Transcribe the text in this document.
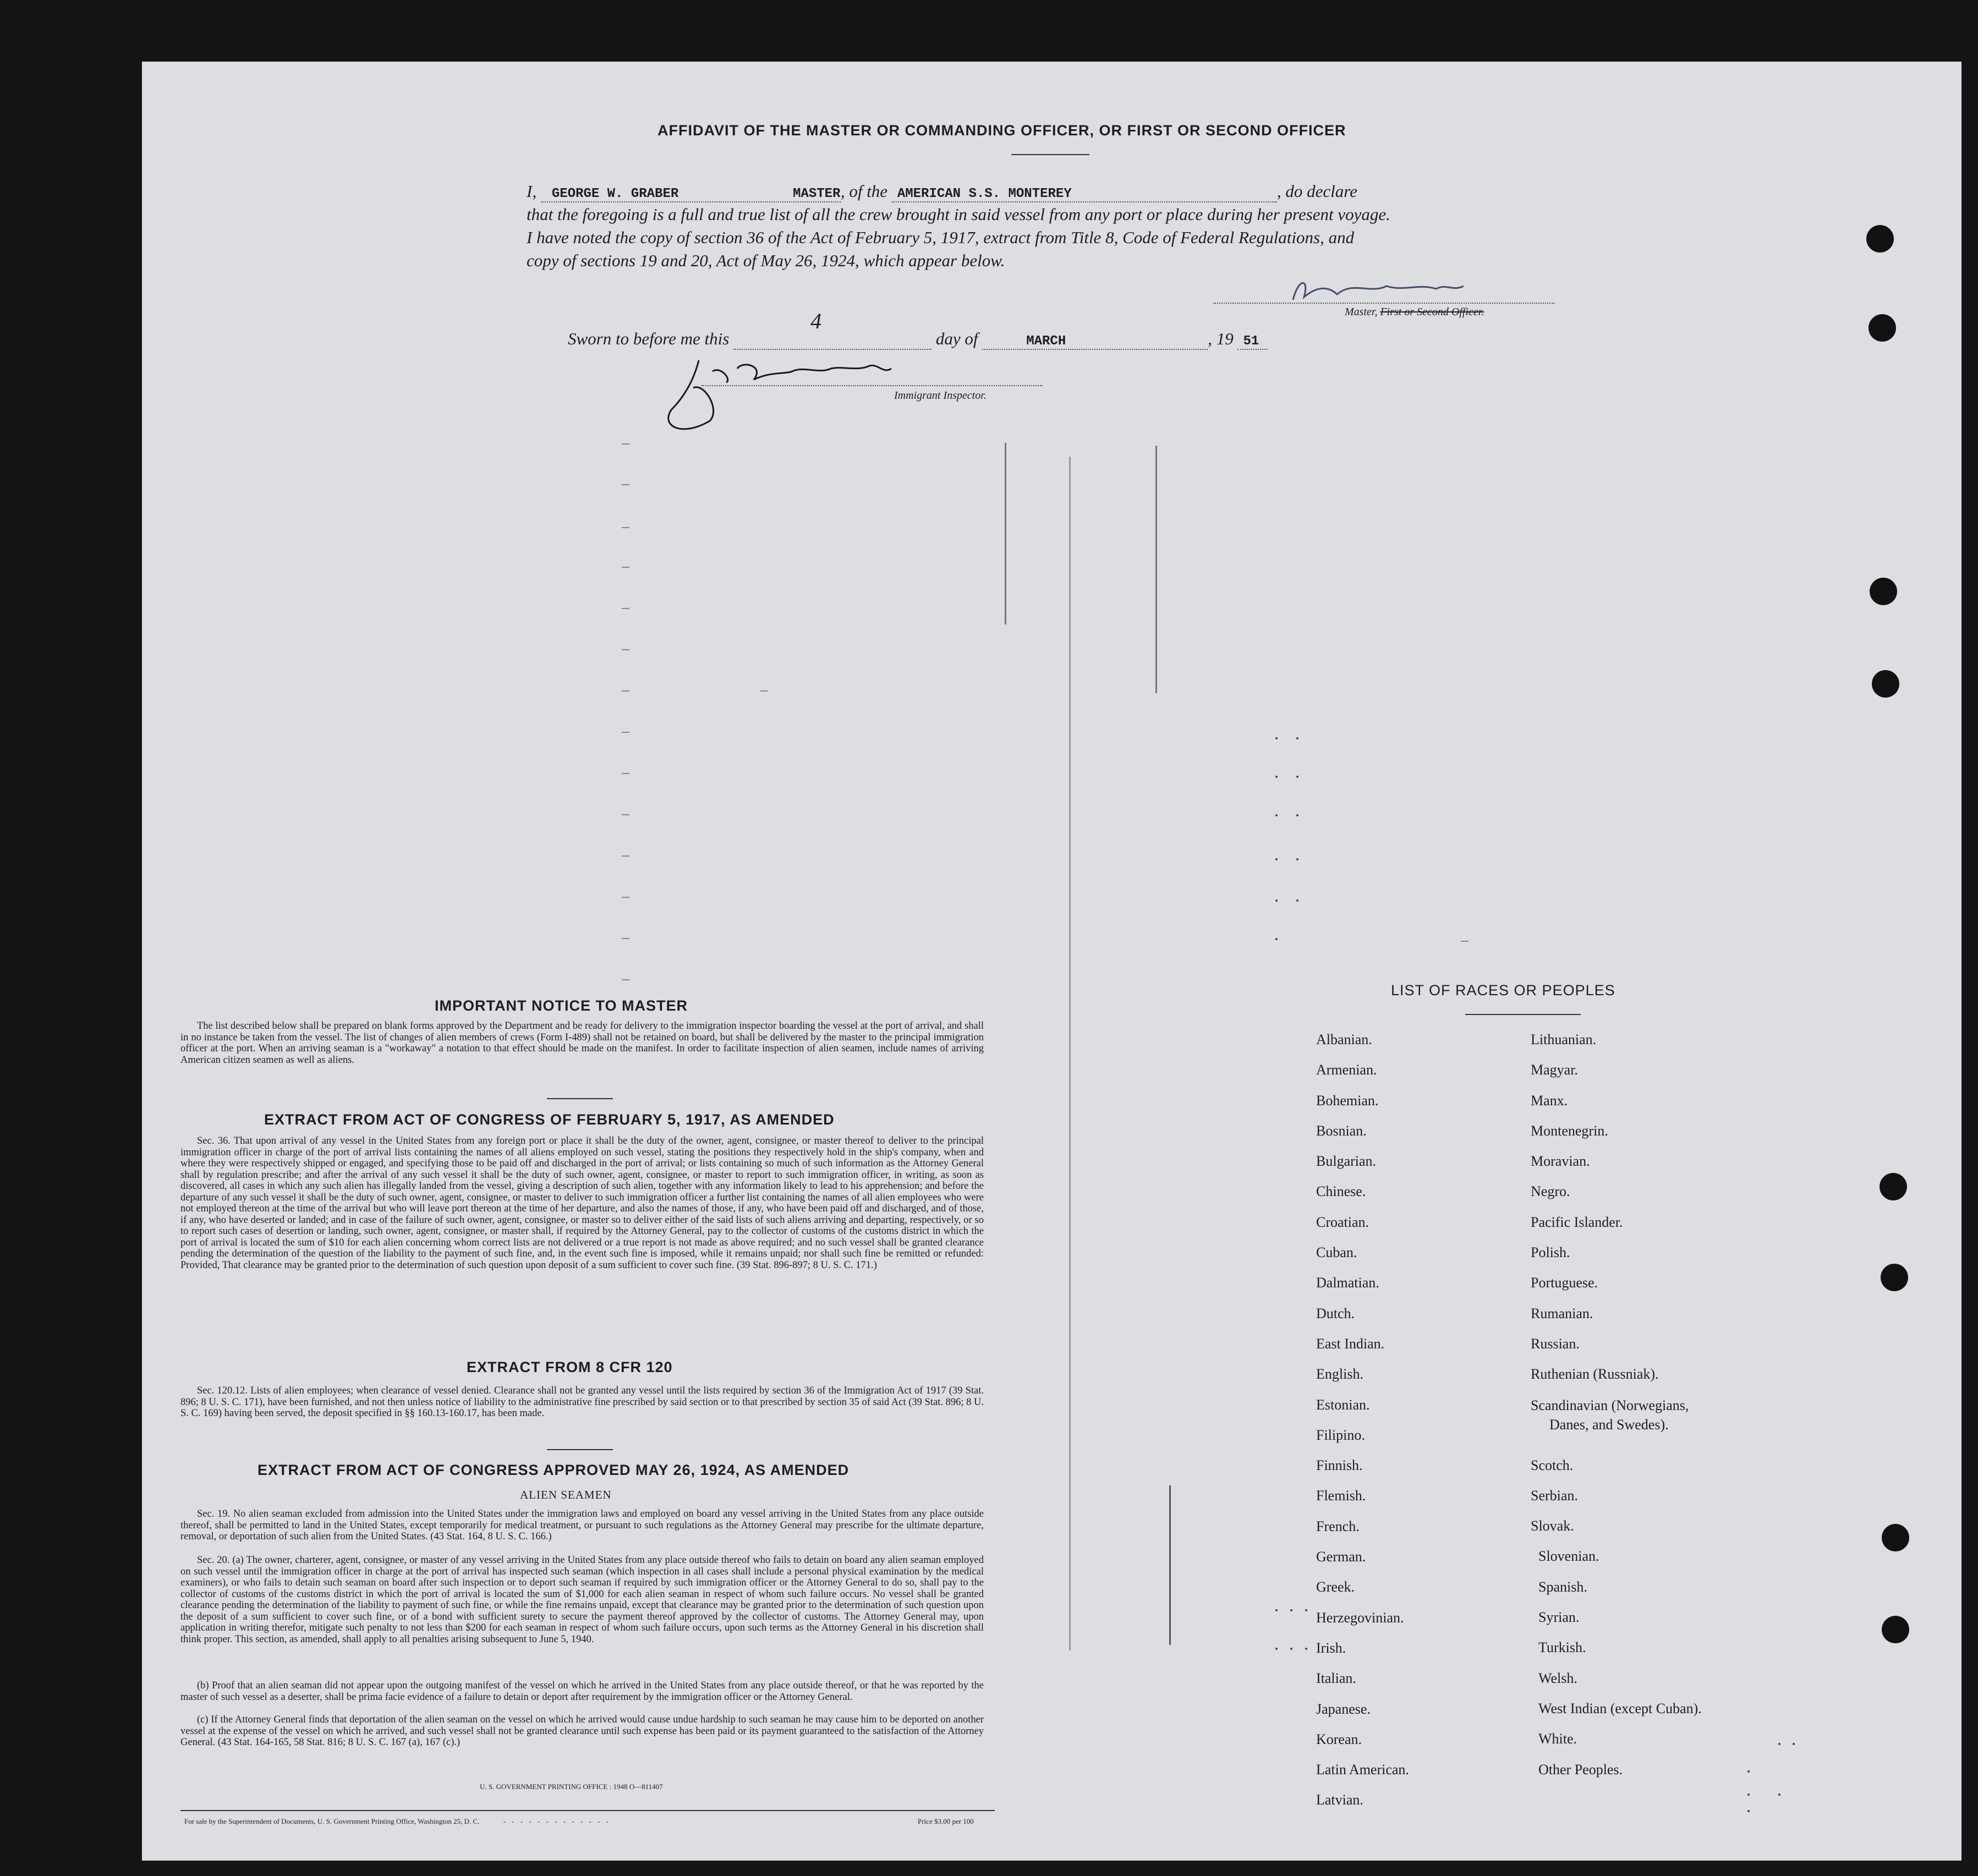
AFFIDAVIT OF THE MASTER OR COMMANDING OFFICER, OR FIRST OR SECOND OFFICER
I, GEORGE W. GRABER	MASTER, of the AMERICAN S.S. MONTEREY	, do declare
that the foregoing is a full and true list of all the crew brought in said vessel from any port or place during her present voyage.
I have noted the copy of section 36 of the Act of February 5, 1917, extract from Title 8, Code of Federal Regulations, and
copy of sections 19 and 20, Act of May 26, 1924, which appear below.
Master, First or Second Officer.
Sworn to before me this
4
day of	MARCH	, 19 51
Immigrant Inspector.
IMPORTANT NOTICE TO MASTER
The list described below shall be prepared on blank forms approved by the Department and be ready for delivery to the immigration inspector boarding the vessel at the port of arrival, and shall in no instance be taken from the vessel. The list of changes of alien members of crews (Form I-489) shall not be retained on board, but shall be delivered by the master to the principal immigration officer at the port. When an arriving seaman is a "workaway" a notation to that effect should be made on the manifest. In order to facilitate inspection of alien seamen, include names of arriving American citizen seamen as well as aliens.
EXTRACT FROM ACT OF CONGRESS OF FEBRUARY 5, 1917, AS AMENDED
Sec. 36. That upon arrival of any vessel in the United States from any foreign port or place it shall be the duty of the owner, agent, consignee, or master thereof to deliver to the principal immigration officer in charge of the port of arrival lists containing the names of all aliens employed on such vessel, stating the positions they respectively hold in the ship's company, when and where they were respectively shipped or engaged, and specifying those to be paid off and discharged in the port of arrival; or lists containing so much of such information as the Attorney General shall by regulation prescribe; and after the arrival of any such vessel it shall be the duty of such owner, agent, consignee, or master to report to such immigration officer, in writing, as soon as discovered, all cases in which any such alien has illegally landed from the vessel, giving a description of such alien, together with any information likely to lead to his apprehension; and before the departure of any such vessel it shall be the duty of such owner, agent, consignee, or master to deliver to such immigration officer a further list containing the names of all alien employees who were not employed thereon at the time of the arrival but who will leave port thereon at the time of her departure, and also the names of those, if any, who have been paid off and discharged, and of those, if any, who have deserted or landed; and in case of the failure of such owner, agent, consignee, or master so to deliver either of the said lists of such aliens arriving and departing, respectively, or so to report such cases of desertion or landing, such owner, agent, consignee, or master shall, if required by the Attorney General, pay to the collector of customs of the customs district in which the port of arrival is located the sum of $10 for each alien concerning whom correct lists are not delivered or a true report is not made as above required; and no such vessel shall be granted clearance pending the determination of the question of the liability to the payment of such fine, and, in the event such fine is imposed, while it remains unpaid; nor shall such fine be remitted or refunded: Provided, That clearance may be granted prior to the determination of such question upon deposit of a sum sufficient to cover such fine. (39 Stat. 896-897; 8 U. S. C. 171.)
EXTRACT FROM 8 CFR 120
Sec. 120.12. Lists of alien employees; when clearance of vessel denied. Clearance shall not be granted any vessel until the lists required by section 36 of the Immigration Act of 1917 (39 Stat. 896; 8 U. S. C. 171), have been furnished, and not then unless notice of liability to the administrative fine prescribed by said section or to that prescribed by section 35 of said Act (39 Stat. 896; 8 U. S. C. 169) having been served, the deposit specified in §§ 160.13-160.17, has been made.
EXTRACT FROM ACT OF CONGRESS APPROVED MAY 26, 1924, AS AMENDED
ALIEN SEAMEN
Sec. 19. No alien seaman excluded from admission into the United States under the immigration laws and employed on board any vessel arriving in the United States from any place outside thereof, shall be permitted to land in the United States, except temporarily for medical treatment, or pursuant to such regulations as the Attorney General may prescribe for the ultimate departure, removal, or deportation of such alien from the United States. (43 Stat. 164, 8 U. S. C. 166.)
Sec. 20. (a) The owner, charterer, agent, consignee, or master of any vessel arriving in the United States from any place outside thereof who fails to detain on board any alien seaman employed on such vessel until the immigration officer in charge at the port of arrival has inspected such seaman (which inspection in all cases shall include a personal physical examination by the medical examiners), or who fails to detain such seaman on board after such inspection or to deport such seaman if required by such immigration officer or the Attorney General to do so, shall pay to the collector of customs of the customs district in which the port of arrival is located the sum of $1,000 for each alien seaman in respect of whom such failure occurs. No vessel shall be granted clearance pending the determination of the liability to payment of such fine, or while the fine remains unpaid, except that clearance may be granted prior to the determination of such question upon the deposit of a sum sufficient to cover such fine, or of a bond with sufficient surety to secure the payment thereof approved by the collector of customs. The Attorney General may, upon application in writing therefor, mitigate such penalty to not less than $200 for each seaman in respect of whom such failure occurs, upon such terms as the Attorney General in his discretion shall think proper. This section, as amended, shall apply to all penalties arising subsequent to June 5, 1940.
(b) Proof that an alien seaman did not appear upon the outgoing manifest of the vessel on which he arrived in the United States from any place outside thereof, or that he was reported by the master of such vessel as a deserter, shall be prima facie evidence of a failure to detain or deport after requirement by the immigration officer or the Attorney General.
(c) If the Attorney General finds that deportation of the alien seaman on the vessel on which he arrived would cause undue hardship to such seaman he may cause him to be deported on another vessel at the expense of the vessel on which he arrived, and such vessel shall not be granted clearance until such expense has been paid or its payment guaranteed to the satisfaction of the Attorney General. (43 Stat. 164-165, 58 Stat. 816; 8 U. S. C. 167 (a), 167 (c).)
U. S. GOVERNMENT PRINTING OFFICE : 1948 O—811407
For sale by the Superintendent of Documents, U. S. Government Printing Office, Washington 25, D. C.	- - - - - - - - - - - - -	Price $3.00 per 100
LIST OF RACES OR PEOPLES
Albanian.
Armenian.
Bohemian.
Bosnian.
Bulgarian.
Chinese.
Croatian.
Cuban.
Dalmatian.
Dutch.
East Indian.
English.
Estonian.
Filipino.
Finnish.
Flemish.
French.
German.
Greek.
Herzegovinian.
Irish.
Italian.
Japanese.
Korean.
Latin American.
Latvian.
Lithuanian.
Magyar.
Manx.
Montenegrin.
Moravian.
Negro.
Pacific Islander.
Polish.
Portuguese.
Rumanian.
Russian.
Ruthenian (Russniak).
Scandinavian (Norwegians,
Danes, and Swedes).
Scotch.
Serbian.
Slovak.
Slovenian.
Spanish.
Syrian.
Turkish.
Welsh.
West Indian (except Cuban).
White.
Other Peoples.
